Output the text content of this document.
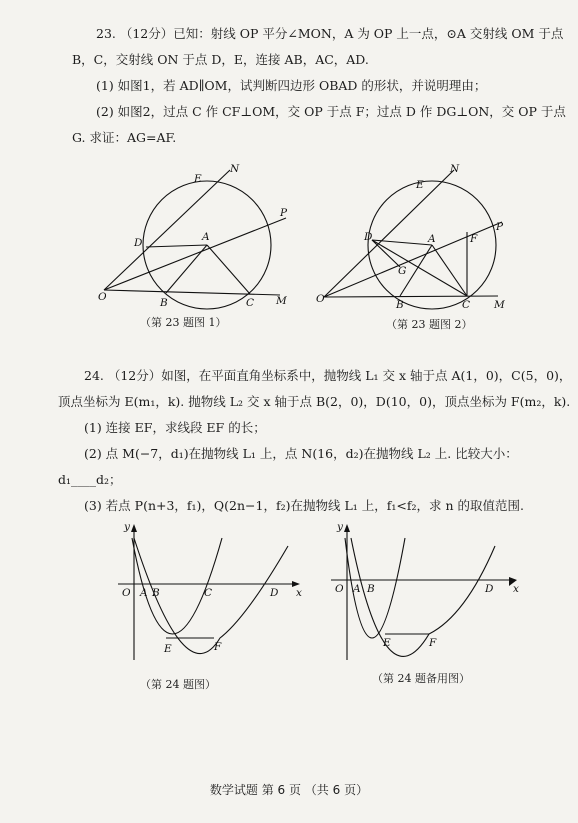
23. （12分）已知：射线 OP 平分∠MON，A 为 OP 上一点，⊙A 交射线 OM 于点
B，C，交射线 ON 于点 D，E，连接 AB，AC，AD.
(1) 如图1，若 AD∥OM，试判断四边形 OBAD 的形状，并说明理由；
(2) 如图2，过点 C 作 CF⊥OM，交 OP 于点 F；过点 D 作 DG⊥ON，交 OP 于点
G. 求证：AG=AF.
N
E
P
D	A
O	B	C M
（第 23 题图 1）
N
E
P
D	A	F
G
O	B	C M
（第 23 题图 2）
24. （12分）如图，在平面直角坐标系中，抛物线 L₁ 交 x 轴于点 A(1，0)，C(5，0)，
顶点坐标为 E(m₁，k). 抛物线 L₂ 交 x 轴于点 B(2，0)，D(10，0)，顶点坐标为 F(m₂，k).
(1) 连接 EF，求线段 EF 的长；
(2) 点 M(−7，d₁)在抛物线 L₁ 上，点 N(16，d₂)在抛物线 L₂ 上. 比较大小：
d₁____d₂；
(3) 若点 P(n+3，f₁)，Q(2n−1，f₂)在抛物线 L₁ 上，f₁<f₂，求 n 的取值范围.
y
x
O A B	C	D
E	F
（第 24 题图）
y
x
O A B	D
E	F
（第 24 题备用图）
数学试题 第 6 页 （共 6 页）
